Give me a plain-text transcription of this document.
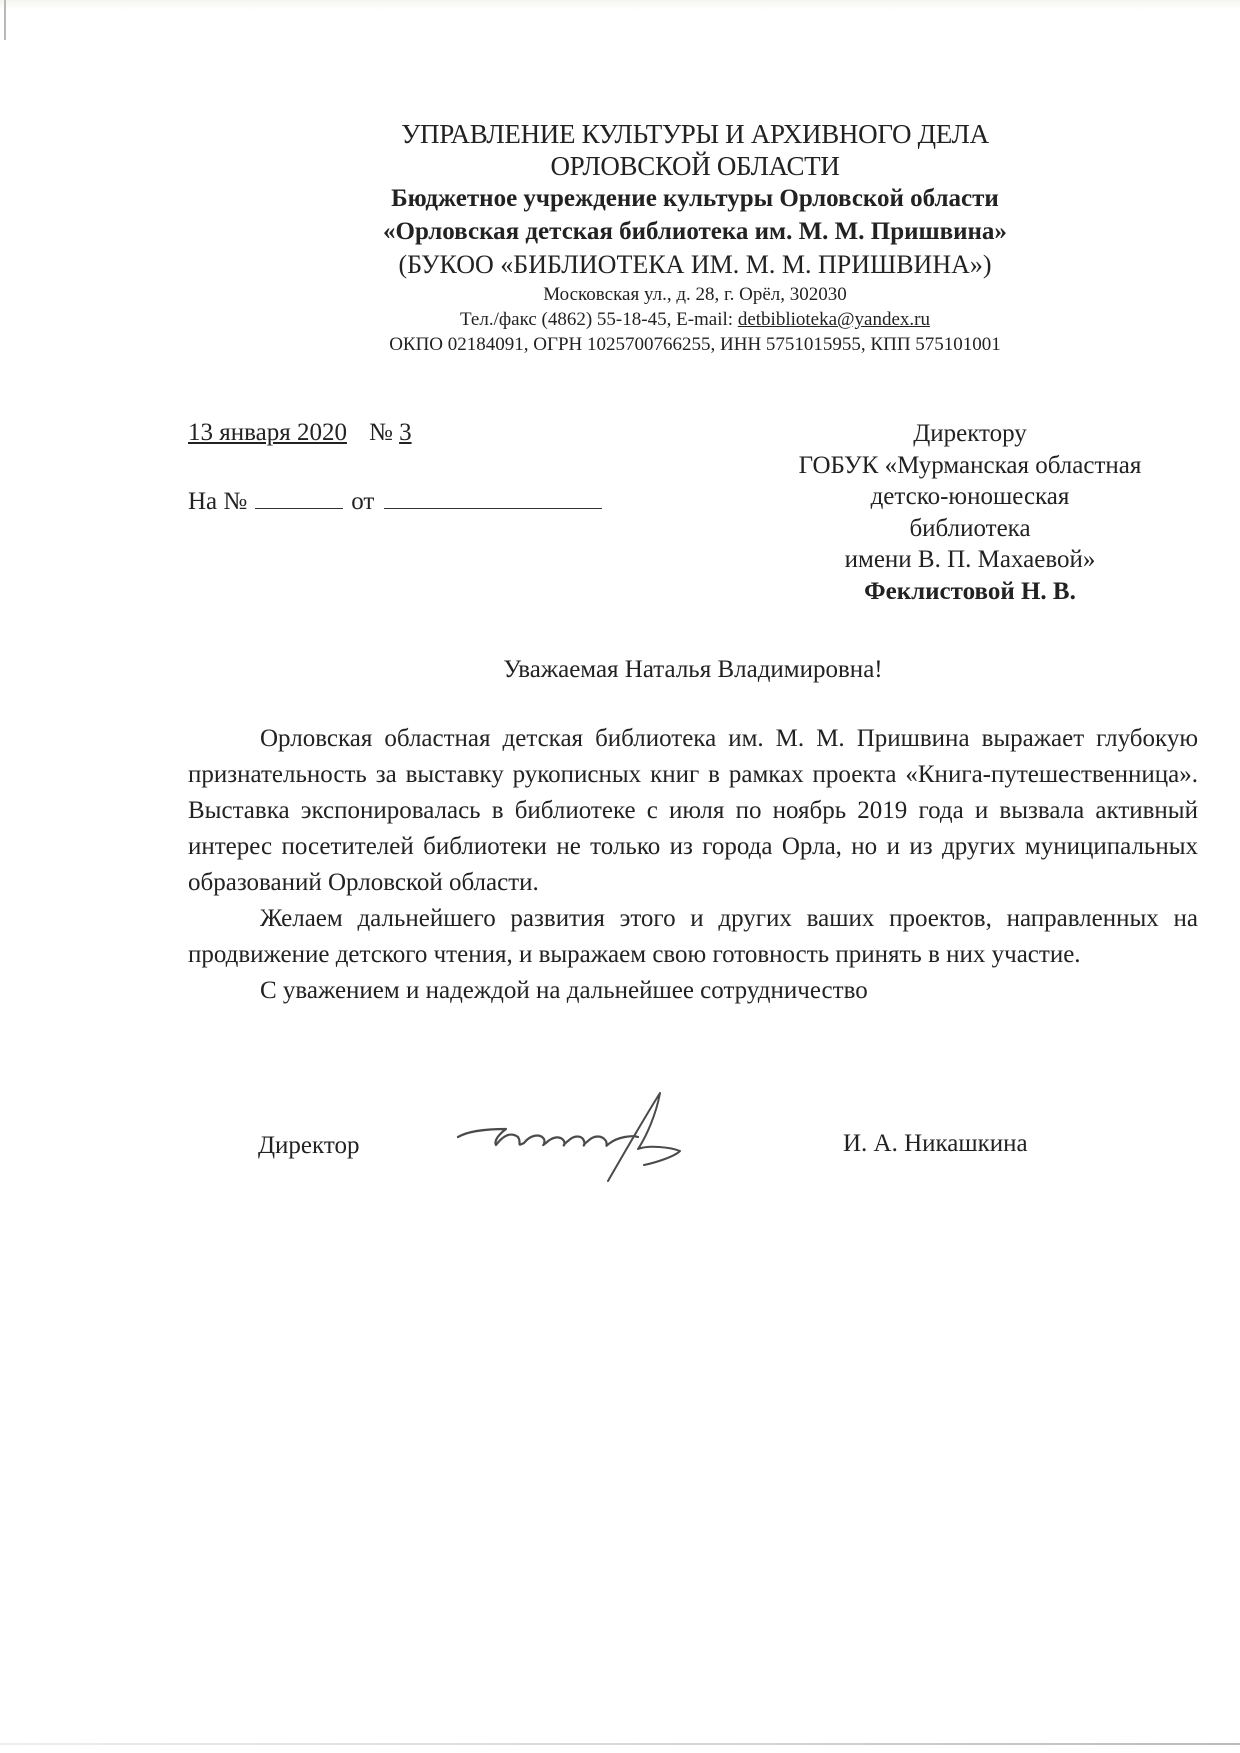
УПРАВЛЕНИЕ КУЛЬТУРЫ И АРХИВНОГО ДЕЛА
ОРЛОВСКОЙ ОБЛАСТИ
Бюджетное учреждение культуры Орловской области
«Орловская детская библиотека им. М. М. Пришвина»
(БУКОО «БИБЛИОТЕКА ИМ. М. М. ПРИШВИНА»)
Московская ул., д. 28, г. Орёл, 302030
Тел./факс (4862) 55-18-45, E-mail: detbiblioteka@yandex.ru
ОКПО 02184091, ОГРН 1025700766255, ИНН 5751015955, КПП 575101001
13 января 2020 № 3
На №	от
Директору
ГОБУК «Мурманская областная
детско-юношеская
библиотека
имени В. П. Махаевой»
Феклистовой Н. В.
Уважаемая Наталья Владимировна!

Орловская областная детская библиотека им. М. М. Пришвина выражает глубокую признательность за выставку рукописных книг в рамках проекта «Книга-путешественница». Выставка экспонировалась в библиотеке с июля по ноябрь 2019 года и вызвала активный интерес посетителей библиотеки не только из города Орла, но и из других муниципальных образований Орловской области.

Желаем дальнейшего развития этого и других ваших проектов, направленных на продвижение детского чтения, и выражаем свою готовность принять в них участие.

С уважением и надеждой на дальнейшее сотрудничество

Директор	И. А. Никашкина
